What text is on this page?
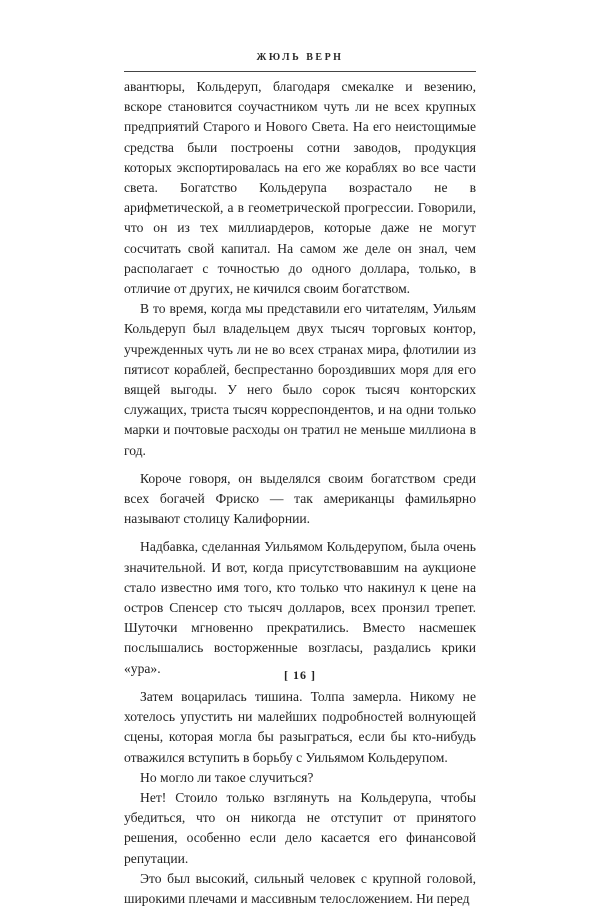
ЖЮЛЬ ВЕРН

авантюры, Кольдеруп, благодаря смекалке и везению, вскоре становится соучастником чуть ли не всех крупных предприятий Старого и Нового Света. На его неистощимые средства были построены сотни заводов, продукция которых экспортировалась на его же кораблях во все части света. Богатство Кольдерупа возрастало не в арифметической, а в геометрической прогрессии. Говорили, что он из тех миллиардеров, которые даже не могут сосчитать свой капитал. На самом же деле он знал, чем располагает с точностью до одного доллара, только, в отличие от других, не кичился своим богатством.

В то время, когда мы представили его читателям, Уильям Кольдеруп был владельцем двух тысяч торговых контор, учрежденных чуть ли не во всех странах мира, флотилии из пятисот кораблей, беспрестанно бороздивших моря для его вящей выгоды. У него было сорок тысяч конторских служащих, триста тысяч корреспондентов, и на одни только марки и почтовые расходы он тратил не меньше миллиона в год.

Короче говоря, он выделялся своим богатством среди всех богачей Фриско — так американцы фамильярно называют столицу Калифорнии.

Надбавка, сделанная Уильямом Кольдерупом, была очень значительной. И вот, когда присутствовавшим на аукционе стало известно имя того, кто только что накинул к цене на остров Спенсер сто тысяч долларов, всех пронзил трепет. Шуточки мгновенно прекратились. Вместо насмешек послышались восторженные возгласы, раздались крики «ура».

Затем воцарилась тишина. Толпа замерла. Никому не хотелось упустить ни малейших подробностей волнующей сцены, которая могла бы разыграться, если бы кто-нибудь отважился вступить в борьбу с Уильямом Кольдерупом.

Но могло ли такое случиться?

Нет! Стоило только взглянуть на Кольдерупа, чтобы убедиться, что он никогда не отступит от принятого решения, особенно если дело касается его финансовой репутации.

Это был высокий, сильный человек с крупной головой, широкими плечами и массивным телосложением. Ни перед

[ 16 ]
